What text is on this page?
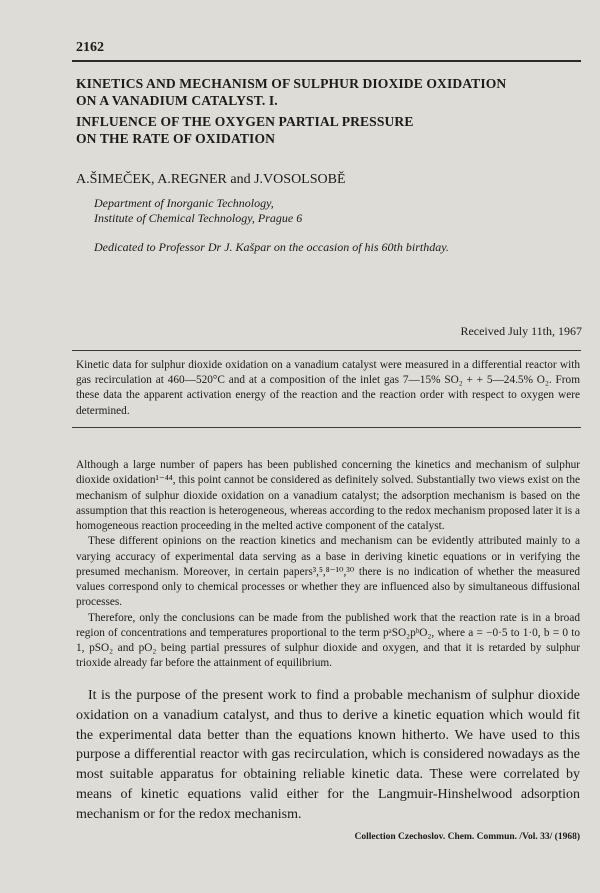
2162
KINETICS AND MECHANISM OF SULPHUR DIOXIDE OXIDATION
ON A VANADIUM CATALYST. I.
INFLUENCE OF THE OXYGEN PARTIAL PRESSURE
ON THE RATE OF OXIDATION
A.ŠIMEČEK, A.REGNER and J.VOSOLSOBĚ
Department of Inorganic Technology,
Institute of Chemical Technology, Prague 6
Dedicated to Professor Dr J. Kašpar on the occasion of his 60th birthday.
Received July 11th, 1967
Kinetic data for sulphur dioxide oxidation on a vanadium catalyst were measured in a differential reactor with gas recirculation at 460—520°C and at a composition of the inlet gas 7—15% SO₂ + + 5—24.5% O₂. From these data the apparent activation energy of the reaction and the reaction order with respect to oxygen were determined.

Although a large number of papers has been published concerning the kinetics and mechanism of sulphur dioxide oxidation¹⁻⁴⁴, this point cannot be considered as definitely solved. Substantially two views exist on the mechanism of sulphur dioxide oxidation on a vanadium catalyst; the adsorption mechanism is based on the assumption that this reaction is heterogeneous, whereas according to the redox mechanism proposed later it is a homogeneous reaction proceeding in the melted active component of the catalyst.

These different opinions on the reaction kinetics and mechanism can be evidently attributed mainly to a varying accuracy of experimental data serving as a base in deriving kinetic equations or in verifying the presumed mechanism. Moreover, in certain papers³,⁵,⁸⁻¹⁰,³⁰ there is no indication of whether the measured values correspond only to chemical processes or whether they are influenced also by simultaneous diffusional processes.

Therefore, only the conclusions can be made from the published work that the reaction rate is in a broad region of concentrations and temperatures proportional to the term pᵃSO₂pᵇO₂, where a = −0·5 to 1·0, b = 0 to 1, pSO₂ and pO₂ being partial pressures of sulphur dioxide and oxygen, and that it is retarded by sulphur trioxide already far before the attainment of equilibrium.

It is the purpose of the present work to find a probable mechanism of sulphur dioxide oxidation on a vanadium catalyst, and thus to derive a kinetic equation which would fit the experimental data better than the equations known hitherto. We have used to this purpose a differential reactor with gas recirculation, which is considered nowadays as the most suitable apparatus for obtaining reliable kinetic data. These were correlated by means of kinetic equations valid either for the Langmuir-Hinshelwood adsorption mechanism or for the redox mechanism.

Collection Czechoslov. Chem. Commun. /Vol. 33/ (1968)
